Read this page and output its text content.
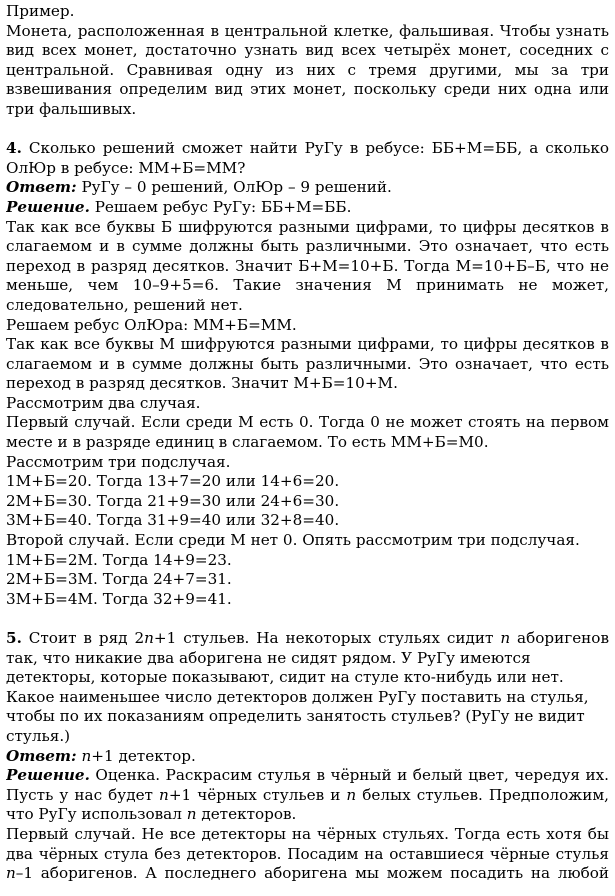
Пример.
Монета, расположенная в центральной клетке, фальшивая. Чтобы узнать
вид всех монет, достаточно узнать вид всех четырёх монет, соседних с
центральной. Сравнивая одну из них с тремя другими, мы за три
взвешивания определим вид этих монет, поскольку среди них одна или
три фальшивых.
4. Сколько решений сможет найти РуГу в ребусе: ББ+М=ББ, а сколько
ОлЮр в ребусе: ММ+Б=ММ?
Ответ: РуГу – 0 решений, ОлЮр – 9 решений.
Решение. Решаем ребус РуГу: ББ+М=ББ.
Так как все буквы Б шифруются разными цифрами, то цифры десятков в
слагаемом и в сумме должны быть различными. Это означает, что есть
переход в разряд десятков. Значит Б+М=10+Б. Тогда М=10+Б–Б, что не
меньше, чем 10–9+5=6. Такие значения М принимать не может,
следовательно, решений нет.
Решаем ребус ОлЮра: ММ+Б=ММ.
Так как все буквы М шифруются разными цифрами, то цифры десятков в
слагаемом и в сумме должны быть различными. Это означает, что есть
переход в разряд десятков. Значит М+Б=10+М.
Рассмотрим два случая.
Первый случай. Если среди М есть 0. Тогда 0 не может стоять на первом
месте и в разряде единиц в слагаемом. То есть ММ+Б=М0.
Рассмотрим три подслучая.
1М+Б=20. Тогда 13+7=20 или 14+6=20.
2М+Б=30. Тогда 21+9=30 или 24+6=30.
3М+Б=40. Тогда 31+9=40 или 32+8=40.
Второй случай. Если среди М нет 0. Опять рассмотрим три подслучая.
1М+Б=2М. Тогда 14+9=23.
2М+Б=3М. Тогда 24+7=31.
3М+Б=4М. Тогда 32+9=41.
5. Стоит в ряд 2n+1 стульев. На некоторых стульях сидит n аборигенов
так, что никакие два аборигена не сидят рядом. У РуГу имеются
детекторы, которые показывают, сидит на стуле кто-нибудь или нет.
Какое наименьшее число детекторов должен РуГу поставить на стулья,
чтобы по их показаниям определить занятость стульев? (РуГу не видит
стулья.)
Ответ: n+1 детектор.
Решение. Оценка. Раскрасим стулья в чёрный и белый цвет, чередуя их.
Пусть у нас будет n+1 чёрных стульев и n белых стульев. Предположим,
что РуГу использовал n детекторов.
Первый случай. Не все детекторы на чёрных стульях. Тогда есть хотя бы
два чёрных стула без детекторов. Посадим на оставшиеся чёрные стулья
n–1 аборигенов. А последнего аборигена мы можем посадить на любой
